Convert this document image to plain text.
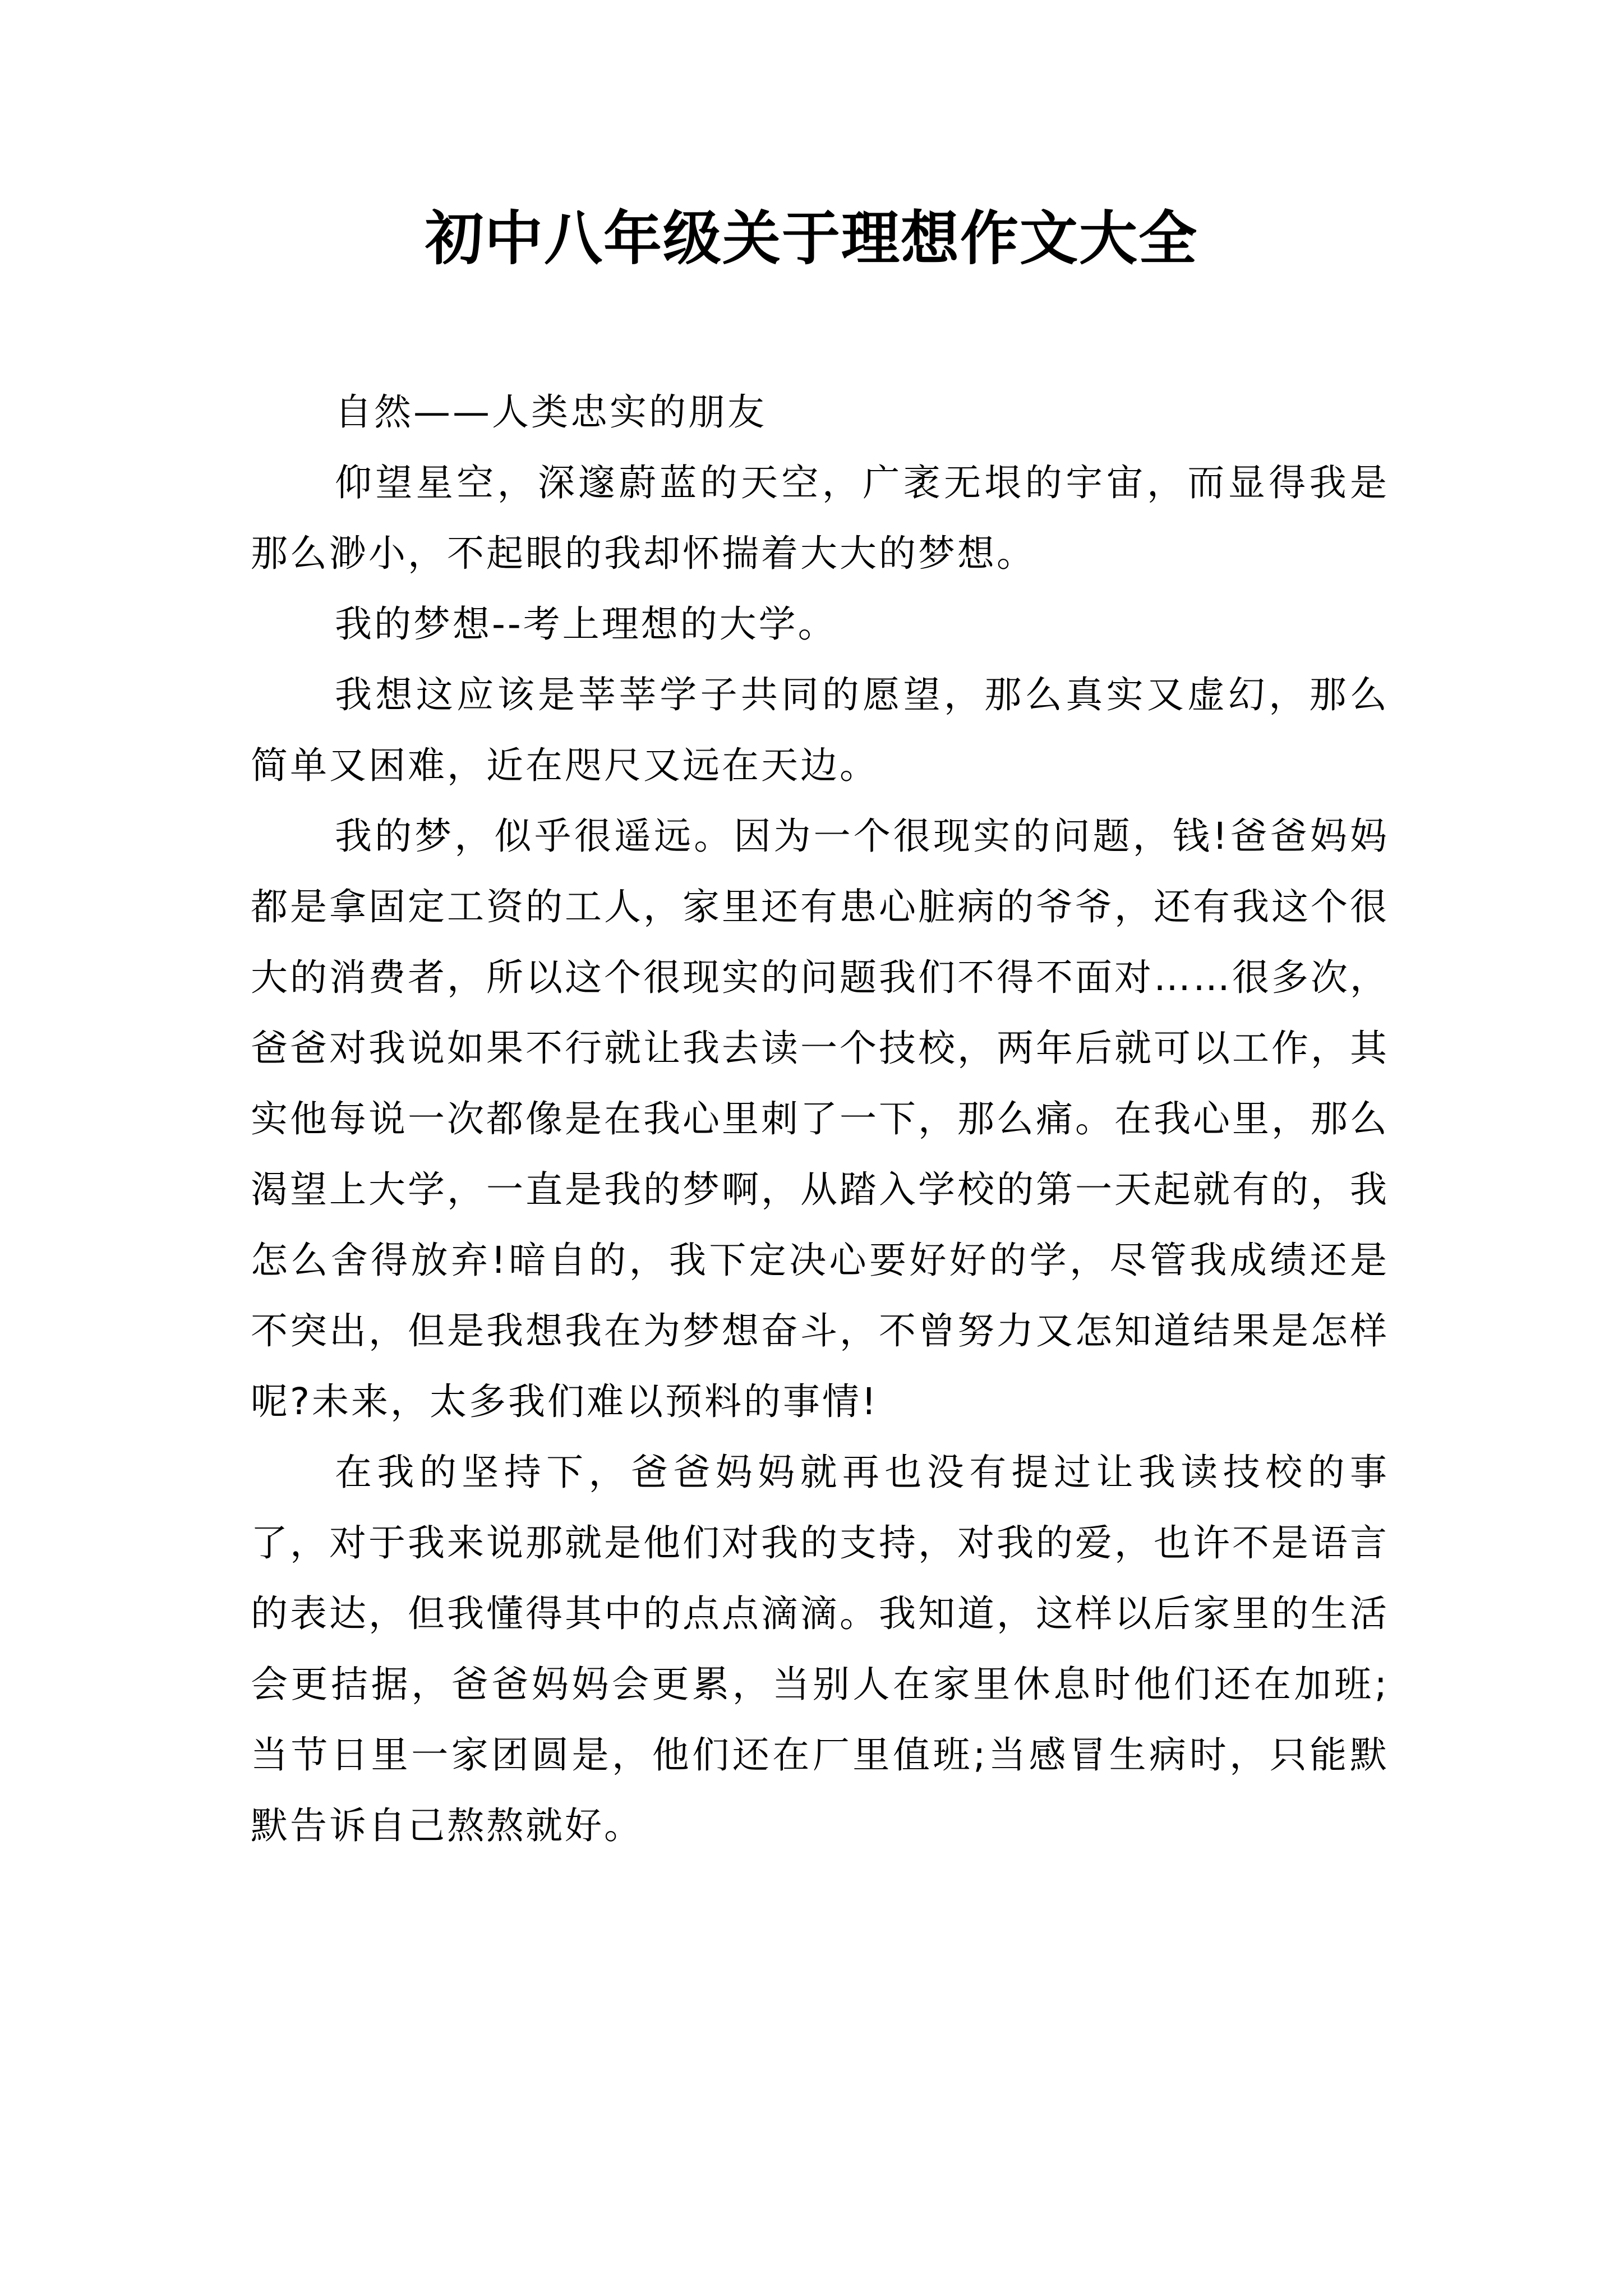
初中八年级关于理想作文大全

自然——人类忠实的朋友

仰望星空，深邃蔚蓝的天空，广袤无垠的宇宙，而显得我是那么渺小，不起眼的我却怀揣着大大的梦想。

我的梦想--考上理想的大学。

我想这应该是莘莘学子共同的愿望，那么真实又虚幻，那么简单又困难，近在咫尺又远在天边。

我的梦，似乎很遥远。因为一个很现实的问题，钱!爸爸妈妈都是拿固定工资的工人，家里还有患心脏病的爷爷，还有我这个很大的消费者，所以这个很现实的问题我们不得不面对……很多次，爸爸对我说如果不行就让我去读一个技校，两年后就可以工作，其实他每说一次都像是在我心里刺了一下，那么痛。在我心里，那么渴望上大学，一直是我的梦啊，从踏入学校的第一天起就有的，我怎么舍得放弃!暗自的，我下定决心要好好的学，尽管我成绩还是不突出，但是我想我在为梦想奋斗，不曾努力又怎知道结果是怎样呢?未来，太多我们难以预料的事情!

在我的坚持下，爸爸妈妈就再也没有提过让我读技校的事了，对于我来说那就是他们对我的支持，对我的爱，也许不是语言的表达，但我懂得其中的点点滴滴。我知道，这样以后家里的生活会更拮据，爸爸妈妈会更累，当别人在家里休息时他们还在加班;当节日里一家团圆是，他们还在厂里值班;当感冒生病时，只能默默告诉自己熬熬就好。
